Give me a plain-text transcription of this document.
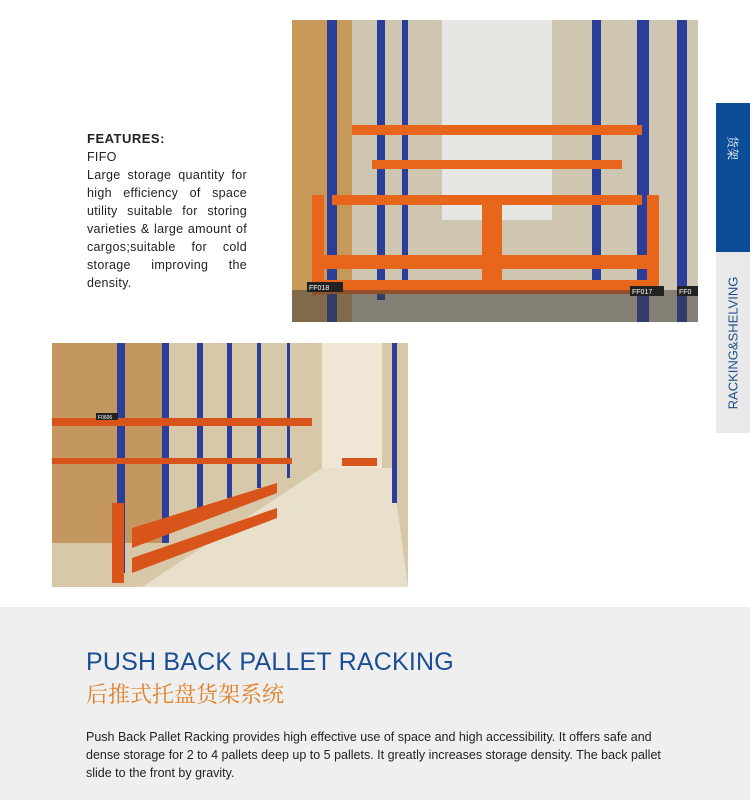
FEATURES:
FIFO

Large storage quantity for high efficiency of space utility suitable for storing varieties & large amount of cargos;suitable for cold storage improving the density.	FF018
FF017	FF0
F0606
货架
RACKING&SHELVING
PUSH BACK PALLET RACKING
后推式托盘货架系统
Push Back Pallet Racking provides high effective use of space and high accessibility. It offers safe and dense storage for 2 to 4 pallets deep up to 5 pallets. It greatly increases storage density. The back pallet slide to the front by gravity.
